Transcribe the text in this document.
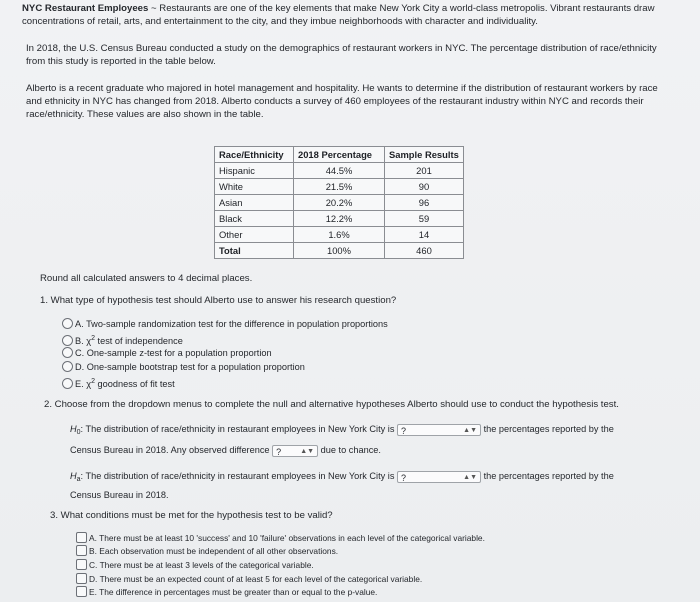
NYC Restaurant Employees ~ Restaurants are one of the key elements that make New York City a world-class metropolis. Vibrant restaurants draw concentrations of retail, arts, and entertainment to the city, and they imbue neighborhoods with character and individuality.
In 2018, the U.S. Census Bureau conducted a study on the demographics of restaurant workers in NYC. The percentage distribution of race/ethnicity from this study is reported in the table below.
Alberto is a recent graduate who majored in hotel management and hospitality. He wants to determine if the distribution of restaurant workers by race and ethnicity in NYC has changed from 2018. Alberto conducts a survey of 460 employees of the restaurant industry within NYC and records their race/ethnicity. These values are also shown in the table.
Race/Ethnicity	2018 Percentage	Sample Results
Hispanic	44.5%	201
White	21.5%	90
Asian	20.2%	96
Black	12.2%	59
Other	1.6%	14
Total	100%	460
Round all calculated answers to 4 decimal places.
1. What type of hypothesis test should Alberto use to answer his research question?
A. Two-sample randomization test for the difference in population proportions
B. $\chi^2$ test of independence
C. One-sample z-test for a population proportion
D. One-sample bootstrap test for a population proportion
E. $\chi^2$ goodness of fit test
2. Choose from the dropdown menus to complete the null and alternative hypotheses Alberto should use to conduct the hypothesis test.
$H_0$: The distribution of race/ethnicity in restaurant employees in New York City is ?	▲▼ the percentages reported by the
Census Bureau in 2018. Any observed difference ?	▲▼ due to chance.
$H_a$: The distribution of race/ethnicity in restaurant employees in New York City is ?	▲▼ the percentages reported by the
Census Bureau in 2018.
3. What conditions must be met for the hypothesis test to be valid?
A. There must be at least 10 'success' and 10 'failure' observations in each level of the categorical variable.
B. Each observation must be independent of all other observations.
C. There must be at least 3 levels of the categorical variable.
D. There must be an expected count of at least 5 for each level of the categorical variable.
E. The difference in percentages must be greater than or equal to the p-value.
